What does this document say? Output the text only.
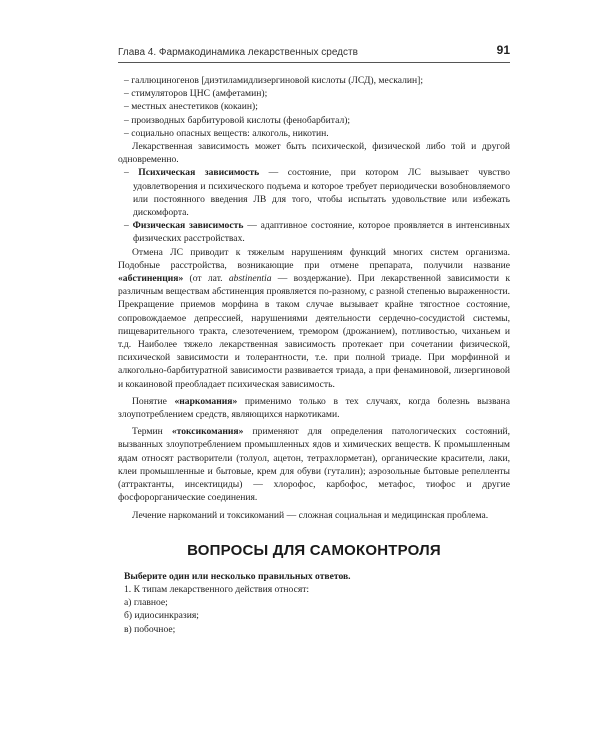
Глава 4. Фармакодинамика лекарственных средств	91

– галлюциногенов [диэтиламидлизергиновой кислоты (ЛСД), мескалин];

– стимуляторов ЦНС (амфетамин);

– местных анестетиков (кокаин);

– производных барбитуровой кислоты (фенобарбитал);

– социально опасных веществ: алкоголь, никотин.

Лекарственная зависимость может быть психической, физической либо той и другой одновременно.

– Психическая зависимость — состояние, при котором ЛС вызывает чувство удовлетворения и психического подъема и которое требует периодически возобновляемого или постоянного введения ЛВ для того, чтобы испытать удовольствие или избежать дискомфорта.

– Физическая зависимость — адаптивное состояние, которое проявляется в интенсивных физических расстройствах.

Отмена ЛС приводит к тяжелым нарушениям функций многих систем организма. Подобные расстройства, возникающие при отмене препарата, получили название «абстиненция» (от лат. abstinentia — воздержание). При лекарственной зависимости к различным веществам абстиненция проявляется по-разному, с разной степенью выраженности. Прекращение приемов морфина в таком случае вызывает крайне тягостное состояние, сопровождаемое депрессией, нарушениями деятельности сердечно-сосудистой системы, пищеварительного тракта, слезотечением, тремором (дрожанием), потливостью, чиханьем и т.д. Наиболее тяжело лекарственная зависимость протекает при сочетании физической, психической зависимости и толерантности, т.е. при полной триаде. При морфинной и алкогольно-барбитуратной зависимости развивается триада, а при фенаминовой, лизергиновой и кокаиновой преобладает психическая зависимость.

Понятие «наркомания» применимо только в тех случаях, когда болезнь вызвана злоупотреблением средств, являющихся наркотиками.

Термин «токсикомания» применяют для определения патологических состояний, вызванных злоупотреблением промышленных ядов и химических веществ. К промышленным ядам относят растворители (толуол, ацетон, тетрахлорметан), органические красители, лаки, клеи промышленные и бытовые, крем для обуви (гуталин); аэрозольные бытовые репелленты (аттрактанты, инсектициды) — хлорофос, карбофос, метафос, тиофос и другие фосфорорганические соединения.

Лечение наркоманий и токсикоманий — сложная социальная и медицинская проблема.

ВОПРОСЫ ДЛЯ САМОКОНТРОЛЯ

Выберите один или несколько правильных ответов.

1. К типам лекарственного действия относят:

а) главное;

б) идиосинкразия;

в) побочное;
